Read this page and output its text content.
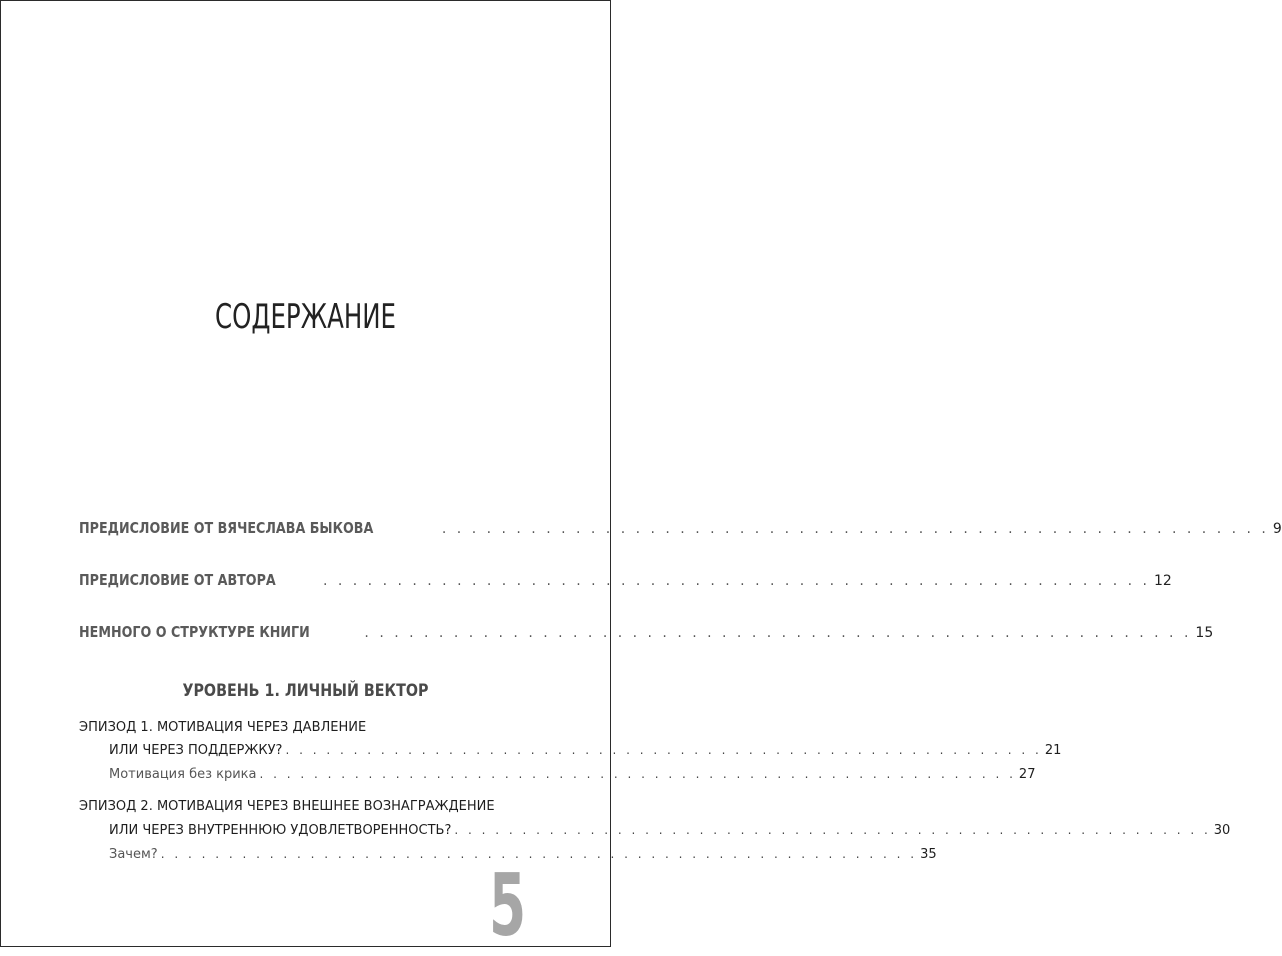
СОДЕРЖАНИЕ
ПРЕДИСЛОВИЕ ОТ ВЯЧЕСЛАВА БЫКОВА	. . . . . . . . . . . . . . . . . . . . . . . . . . . . . . . . . . . . . . . . . . . . . . . . . . . . . . . . 9
ПРЕДИСЛОВИЕ ОТ АВТОРА	. . . . . . . . . . . . . . . . . . . . . . . . . . . . . . . . . . . . . . . . . . . . . . . . . . . . . . . . 12
НЕМНОГО О СТРУКТУРЕ КНИГИ	. . . . . . . . . . . . . . . . . . . . . . . . . . . . . . . . . . . . . . . . . . . . . . . . . . . . . . . . 15
УРОВЕНЬ 1. ЛИЧНЫЙ ВЕКТОР
ЭПИЗОД 1. МОТИВАЦИЯ ЧЕРЕЗ ДАВЛЕНИЕ
ИЛИ ЧЕРЕЗ ПОДДЕРЖКУ? . . . . . . . . . . . . . . . . . . . . . . . . . . . . . . . . . . . . . . . . . . . . . . . . . . . . . . . . 21
Мотивация без крика . . . . . . . . . . . . . . . . . . . . . . . . . . . . . . . . . . . . . . . . . . . . . . . . . . . . . . . . 27
ЭПИЗОД 2. МОТИВАЦИЯ ЧЕРЕЗ ВНЕШНЕЕ ВОЗНАГРАЖДЕНИЕ
ИЛИ ЧЕРЕЗ ВНУТРЕННЮЮ УДОВЛЕТВОРЕННОСТЬ? . . . . . . . . . . . . . . . . . . . . . . . . . . . . . . . . . . . . . . . . . . . . . . . . . . . . . . . . 30
Зачем? . . . . . . . . . . . . . . . . . . . . . . . . . . . . . . . . . . . . . . . . . . . . . . . . . . . . . . . . 35
5
